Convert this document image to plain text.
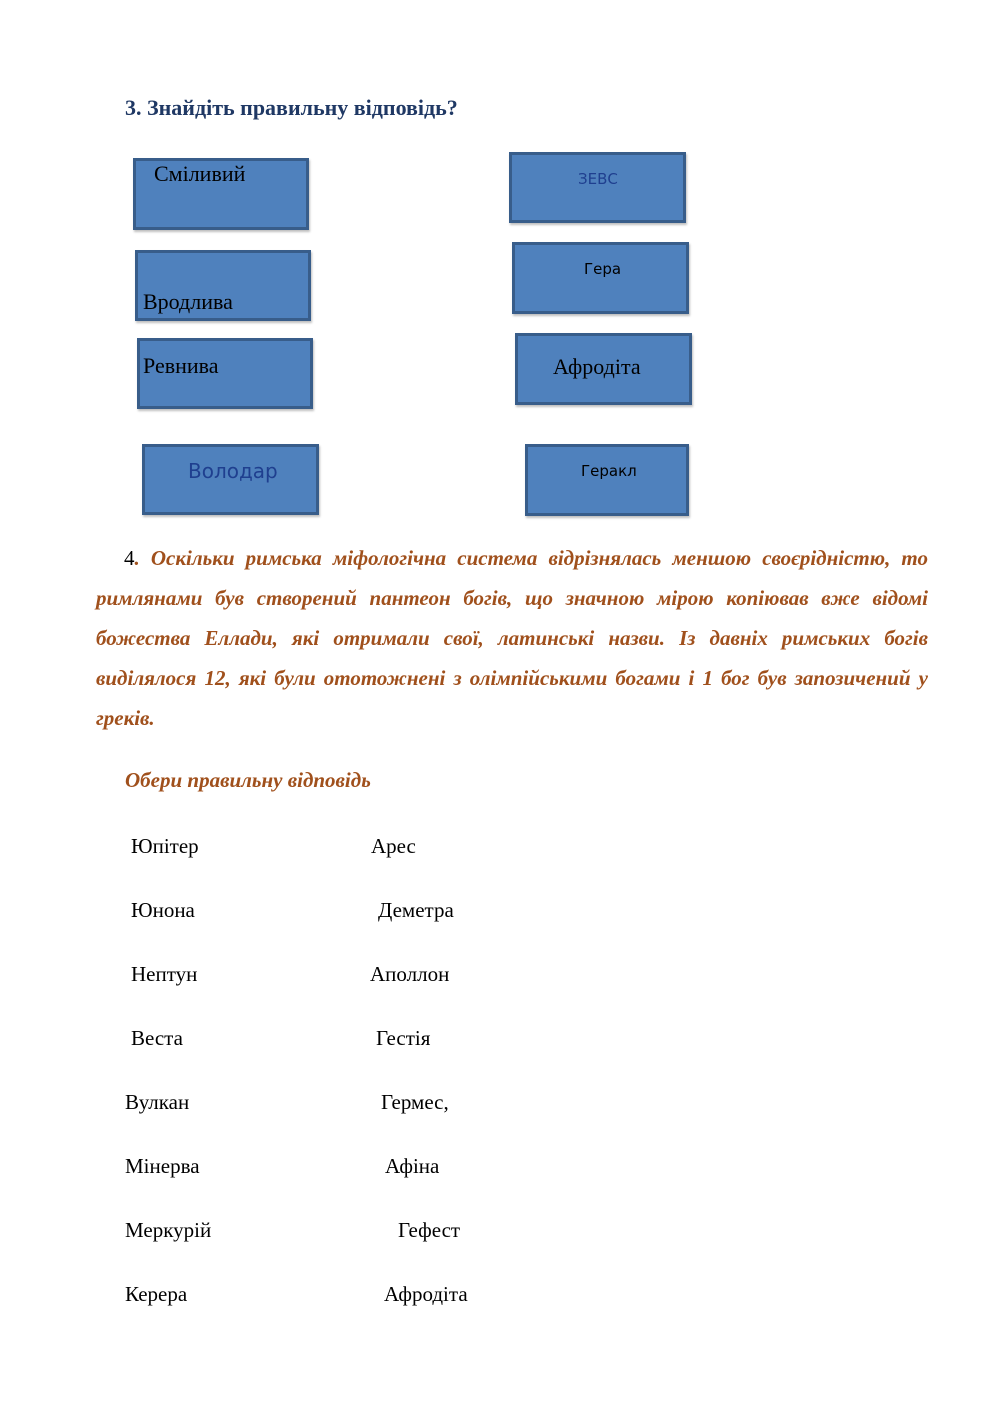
3. Знайдіть правильну відповідь?
Сміливий
Вродлива
Ревнива
Володар
ЗЕВС
Гера
Афродіта
Геракл
4. Оскільки римська міфологічна система відрізнялась меншою своєрідністю, то римлянами був створений пантеон богів, що значною мірою копіював вже відомі божества Еллади, які отримали свої, латинські назви. Із давніх римських богів виділялося 12, які були ототожнені з олімпійськими богами і 1 бог був запозичений у греків.
Обери правильну відповідь
Юпітер
Юнона
Нептун
Веста
Вулкан
Мінерва
Меркурій
Керера
Арес
Деметра
Аполлон
Гестія
Гермес,
Афіна
Гефест
Афродіта
